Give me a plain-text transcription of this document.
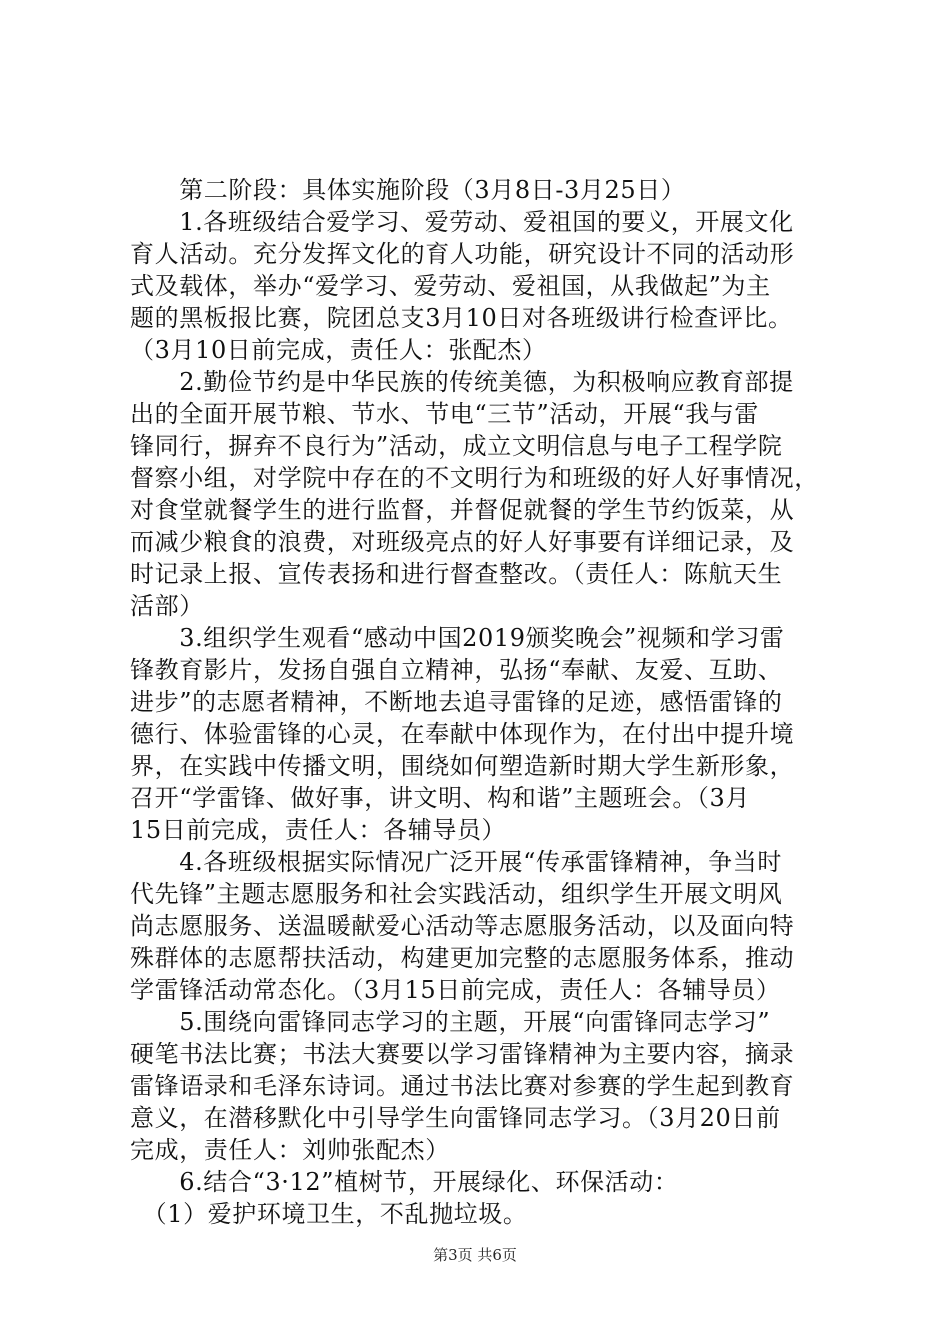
　　第二阶段：具体实施阶段（3月8日-3月25日）
　　1.各班级结合爱学习、爱劳动、爱祖国的要义，开展文化
育人活动。充分发挥文化的育人功能，研究设计不同的活动形
式及载体，举办“爱学习、爱劳动、爱祖国，从我做起”为主
题的黑板报比赛，院团总支3月10日对各班级讲行检查评比。
（3月10日前完成，责任人：张配杰）
　　2.勤俭节约是中华民族的传统美德，为积极响应教育部提
出的全面开展节粮、节水、节电“三节”活动，开展“我与雷
锋同行，摒弃不良行为”活动，成立文明信息与电子工程学院
督察小组，对学院中存在的不文明行为和班级的好人好事情况，
对食堂就餐学生的进行监督，并督促就餐的学生节约饭菜，从
而减少粮食的浪费，对班级亮点的好人好事要有详细记录，及
时记录上报、宣传表扬和进行督查整改。（责任人：陈航天生
活部）
　　3.组织学生观看“感动中国2019颁奖晚会”视频和学习雷
锋教育影片，发扬自强自立精神，弘扬“奉献、友爱、互助、
进步”的志愿者精神，不断地去追寻雷锋的足迹，感悟雷锋的
德行、体验雷锋的心灵，在奉献中体现作为，在付出中提升境
界，在实践中传播文明，围绕如何塑造新时期大学生新形象，
召开“学雷锋、做好事，讲文明、构和谐”主题班会。（3月
15日前完成，责任人：各辅导员）
　　4.各班级根据实际情况广泛开展“传承雷锋精神，争当时
代先锋”主题志愿服务和社会实践活动，组织学生开展文明风
尚志愿服务、送温暖献爱心活动等志愿服务活动，以及面向特
殊群体的志愿帮扶活动，构建更加完整的志愿服务体系，推动
学雷锋活动常态化。（3月15日前完成，责任人：各辅导员）
　　5.围绕向雷锋同志学习的主题，开展“向雷锋同志学习”
硬笔书法比赛；书法大赛要以学习雷锋精神为主要内容，摘录
雷锋语录和毛泽东诗词。通过书法比赛对参赛的学生起到教育
意义，在潜移默化中引导学生向雷锋同志学习。（3月20日前
完成，责任人：刘帅张配杰）
　　6.结合“3·12”植树节，开展绿化、环保活动：
　（1）爱护环境卫生，不乱抛垃圾。
第3页 共6页
